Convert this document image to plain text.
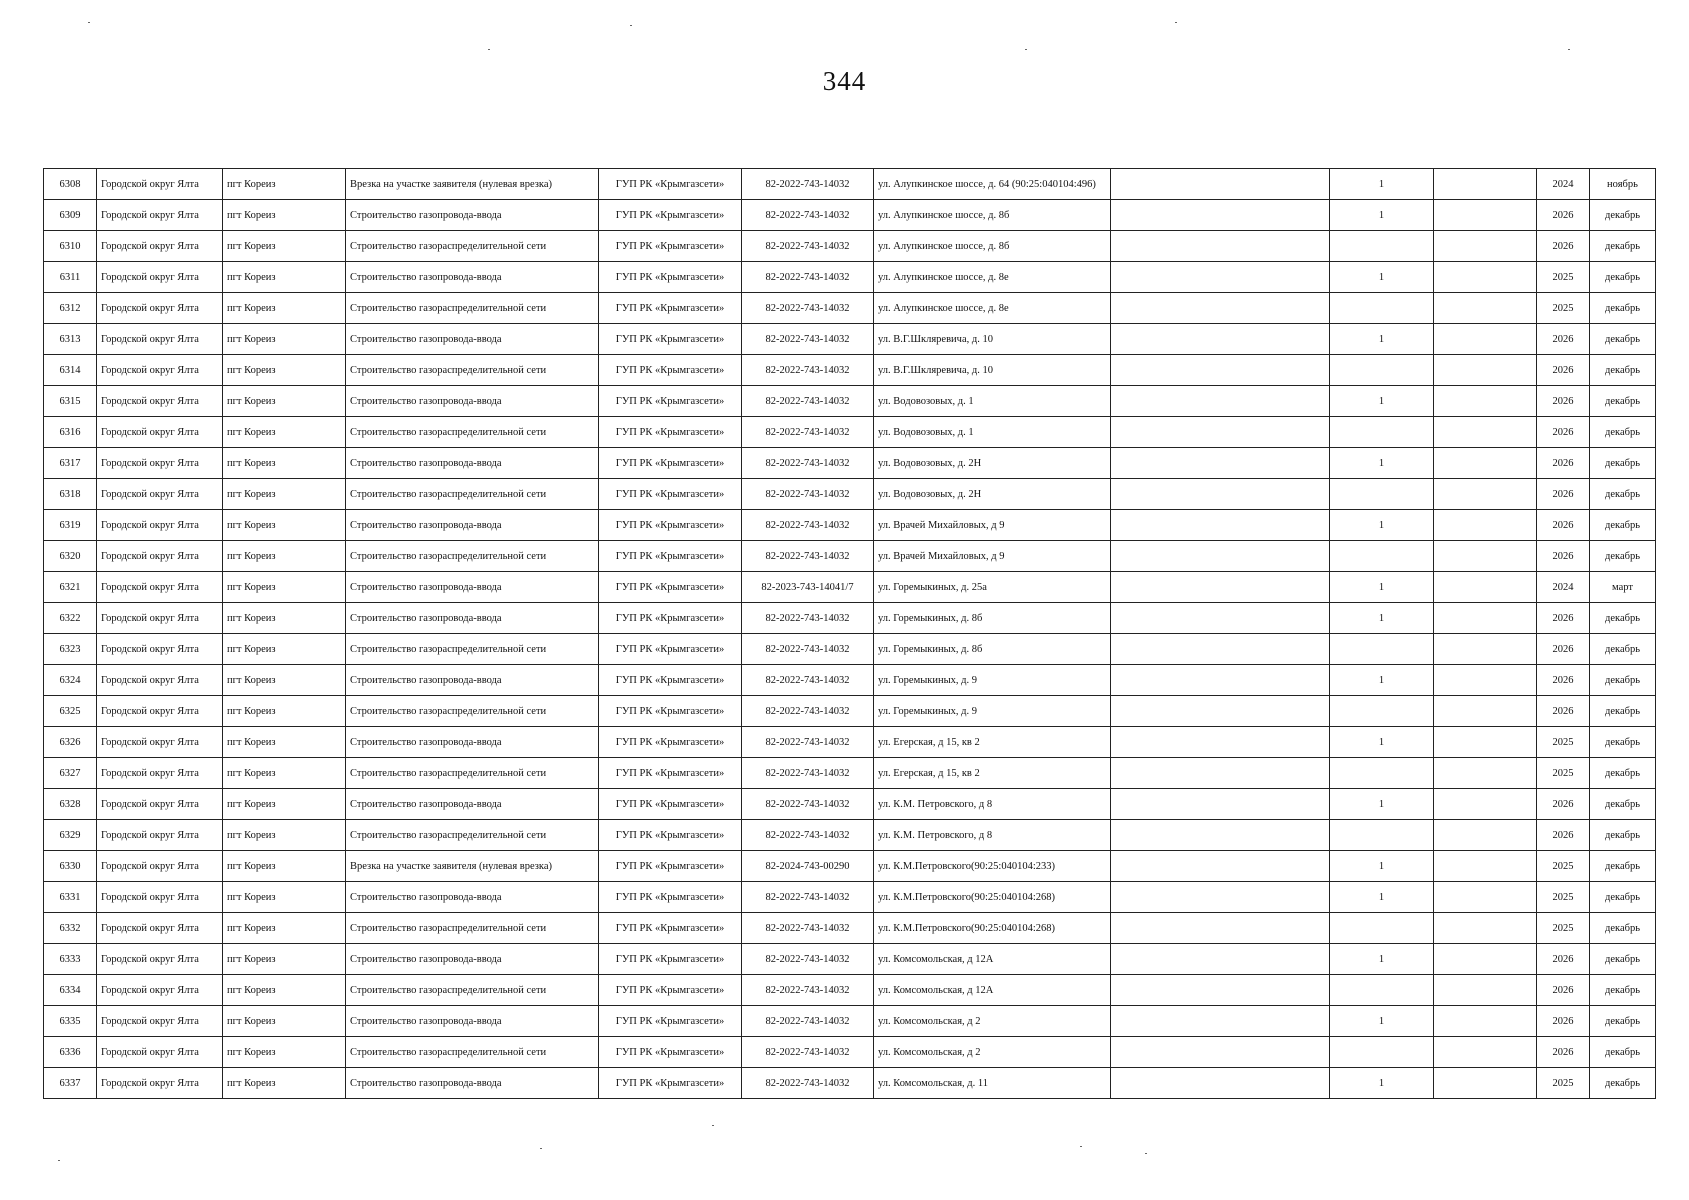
344
6308	Городской округ Ялта	пгт Кореиз	Врезка на участке заявителя (нулевая врезка)	ГУП РК «Крымгазсети»	82-2022-743-14032	ул. Алупкинское шоссе, д. 64 (90:25:040104:496)		1		2024	ноябрь
6309	Городской округ Ялта	пгт Кореиз	Строительство газопровода-ввода	ГУП РК «Крымгазсети»	82-2022-743-14032	ул. Алупкинское шоссе, д. 8б		1		2026	декабрь
6310	Городской округ Ялта	пгт Кореиз	Строительство газораспределительной сети	ГУП РК «Крымгазсети»	82-2022-743-14032	ул. Алупкинское шоссе, д. 8б				2026	декабрь
6311	Городской округ Ялта	пгт Кореиз	Строительство газопровода-ввода	ГУП РК «Крымгазсети»	82-2022-743-14032	ул. Алупкинское шоссе, д. 8е		1		2025	декабрь
6312	Городской округ Ялта	пгт Кореиз	Строительство газораспределительной сети	ГУП РК «Крымгазсети»	82-2022-743-14032	ул. Алупкинское шоссе, д. 8е				2025	декабрь
6313	Городской округ Ялта	пгт Кореиз	Строительство газопровода-ввода	ГУП РК «Крымгазсети»	82-2022-743-14032	ул. В.Г.Шкляревича, д. 10		1		2026	декабрь
6314	Городской округ Ялта	пгт Кореиз	Строительство газораспределительной сети	ГУП РК «Крымгазсети»	82-2022-743-14032	ул. В.Г.Шкляревича, д. 10				2026	декабрь
6315	Городской округ Ялта	пгт Кореиз	Строительство газопровода-ввода	ГУП РК «Крымгазсети»	82-2022-743-14032	ул. Водовозовых, д. 1		1		2026	декабрь
6316	Городской округ Ялта	пгт Кореиз	Строительство газораспределительной сети	ГУП РК «Крымгазсети»	82-2022-743-14032	ул. Водовозовых, д. 1				2026	декабрь
6317	Городской округ Ялта	пгт Кореиз	Строительство газопровода-ввода	ГУП РК «Крымгазсети»	82-2022-743-14032	ул. Водовозовых, д. 2Н		1		2026	декабрь
6318	Городской округ Ялта	пгт Кореиз	Строительство газораспределительной сети	ГУП РК «Крымгазсети»	82-2022-743-14032	ул. Водовозовых, д. 2Н				2026	декабрь
6319	Городской округ Ялта	пгт Кореиз	Строительство газопровода-ввода	ГУП РК «Крымгазсети»	82-2022-743-14032	ул. Врачей Михайловых, д 9		1		2026	декабрь
6320	Городской округ Ялта	пгт Кореиз	Строительство газораспределительной сети	ГУП РК «Крымгазсети»	82-2022-743-14032	ул. Врачей Михайловых, д 9				2026	декабрь
6321	Городской округ Ялта	пгт Кореиз	Строительство газопровода-ввода	ГУП РК «Крымгазсети»	82-2023-743-14041/7	ул. Горемыкиных, д. 25а		1		2024	март
6322	Городской округ Ялта	пгт Кореиз	Строительство газопровода-ввода	ГУП РК «Крымгазсети»	82-2022-743-14032	ул. Горемыкиных, д. 8б		1		2026	декабрь
6323	Городской округ Ялта	пгт Кореиз	Строительство газораспределительной сети	ГУП РК «Крымгазсети»	82-2022-743-14032	ул. Горемыкиных, д. 8б				2026	декабрь
6324	Городской округ Ялта	пгт Кореиз	Строительство газопровода-ввода	ГУП РК «Крымгазсети»	82-2022-743-14032	ул. Горемыкиных, д. 9		1		2026	декабрь
6325	Городской округ Ялта	пгт Кореиз	Строительство газораспределительной сети	ГУП РК «Крымгазсети»	82-2022-743-14032	ул. Горемыкиных, д. 9				2026	декабрь
6326	Городской округ Ялта	пгт Кореиз	Строительство газопровода-ввода	ГУП РК «Крымгазсети»	82-2022-743-14032	ул. Егерская, д 15, кв 2		1		2025	декабрь
6327	Городской округ Ялта	пгт Кореиз	Строительство газораспределительной сети	ГУП РК «Крымгазсети»	82-2022-743-14032	ул. Егерская, д 15, кв 2				2025	декабрь
6328	Городской округ Ялта	пгт Кореиз	Строительство газопровода-ввода	ГУП РК «Крымгазсети»	82-2022-743-14032	ул. К.М. Петровского, д 8		1		2026	декабрь
6329	Городской округ Ялта	пгт Кореиз	Строительство газораспределительной сети	ГУП РК «Крымгазсети»	82-2022-743-14032	ул. К.М. Петровского, д 8				2026	декабрь
6330	Городской округ Ялта	пгт Кореиз	Врезка на участке заявителя (нулевая врезка)	ГУП РК «Крымгазсети»	82-2024-743-00290	ул. К.М.Петровского(90:25:040104:233)		1		2025	декабрь
6331	Городской округ Ялта	пгт Кореиз	Строительство газопровода-ввода	ГУП РК «Крымгазсети»	82-2022-743-14032	ул. К.М.Петровского(90:25:040104:268)		1		2025	декабрь
6332	Городской округ Ялта	пгт Кореиз	Строительство газораспределительной сети	ГУП РК «Крымгазсети»	82-2022-743-14032	ул. К.М.Петровского(90:25:040104:268)				2025	декабрь
6333	Городской округ Ялта	пгт Кореиз	Строительство газопровода-ввода	ГУП РК «Крымгазсети»	82-2022-743-14032	ул. Комсомольская, д 12А		1		2026	декабрь
6334	Городской округ Ялта	пгт Кореиз	Строительство газораспределительной сети	ГУП РК «Крымгазсети»	82-2022-743-14032	ул. Комсомольская, д 12А				2026	декабрь
6335	Городской округ Ялта	пгт Кореиз	Строительство газопровода-ввода	ГУП РК «Крымгазсети»	82-2022-743-14032	ул. Комсомольская, д 2		1		2026	декабрь
6336	Городской округ Ялта	пгт Кореиз	Строительство газораспределительной сети	ГУП РК «Крымгазсети»	82-2022-743-14032	ул. Комсомольская, д 2				2026	декабрь
6337	Городской округ Ялта	пгт Кореиз	Строительство газопровода-ввода	ГУП РК «Крымгазсети»	82-2022-743-14032	ул. Комсомольская, д. 11		1		2025	декабрь
